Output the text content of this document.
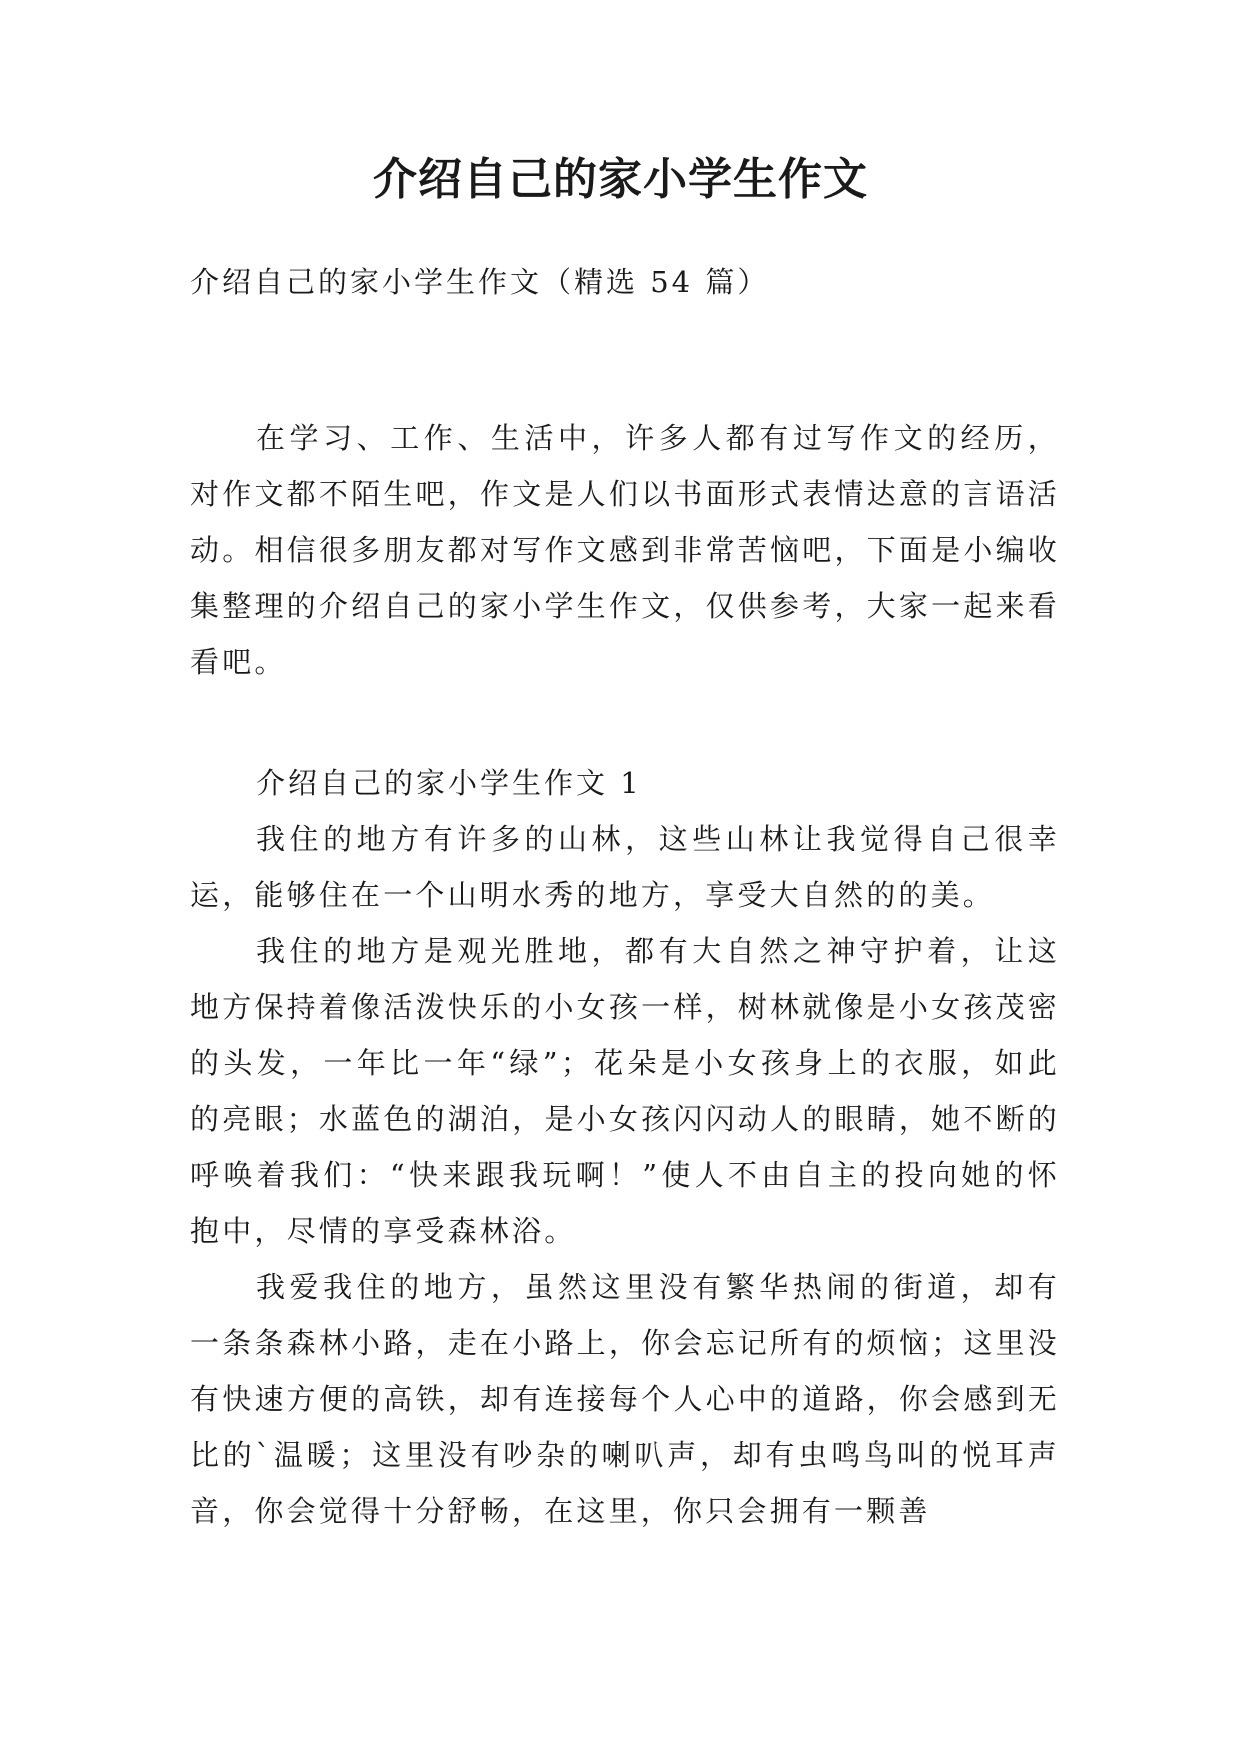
介绍自己的家小学生作文

介绍自己的家小学生作文（精选 54 篇）

在学习、工作、生活中，许多人都有过写作文的经历，对作文都不陌生吧，作文是人们以书面形式表情达意的言语活动。相信很多朋友都对写作文感到非常苦恼吧，下面是小编收集整理的介绍自己的家小学生作文，仅供参考，大家一起来看看吧。

介绍自己的家小学生作文 1

我住的地方有许多的山林，这些山林让我觉得自己很幸运，能够住在一个山明水秀的地方，享受大自然的的美。

我住的地方是观光胜地，都有大自然之神守护着，让这地方保持着像活泼快乐的小女孩一样，树林就像是小女孩茂密的头发，一年比一年“绿”；花朵是小女孩身上的衣服，如此的亮眼；水蓝色的湖泊，是小女孩闪闪动人的眼睛，她不断的呼唤着我们：“快来跟我玩啊！”使人不由自主的投向她的怀抱中，尽情的享受森林浴。

我爱我住的地方，虽然这里没有繁华热闹的街道，却有一条条森林小路，走在小路上，你会忘记所有的烦恼；这里没有快速方便的高铁，却有连接每个人心中的道路，你会感到无比的`温暖；这里没有吵杂的喇叭声，却有虫鸣鸟叫的悦耳声音，你会觉得十分舒畅，在这里，你只会拥有一颗善
